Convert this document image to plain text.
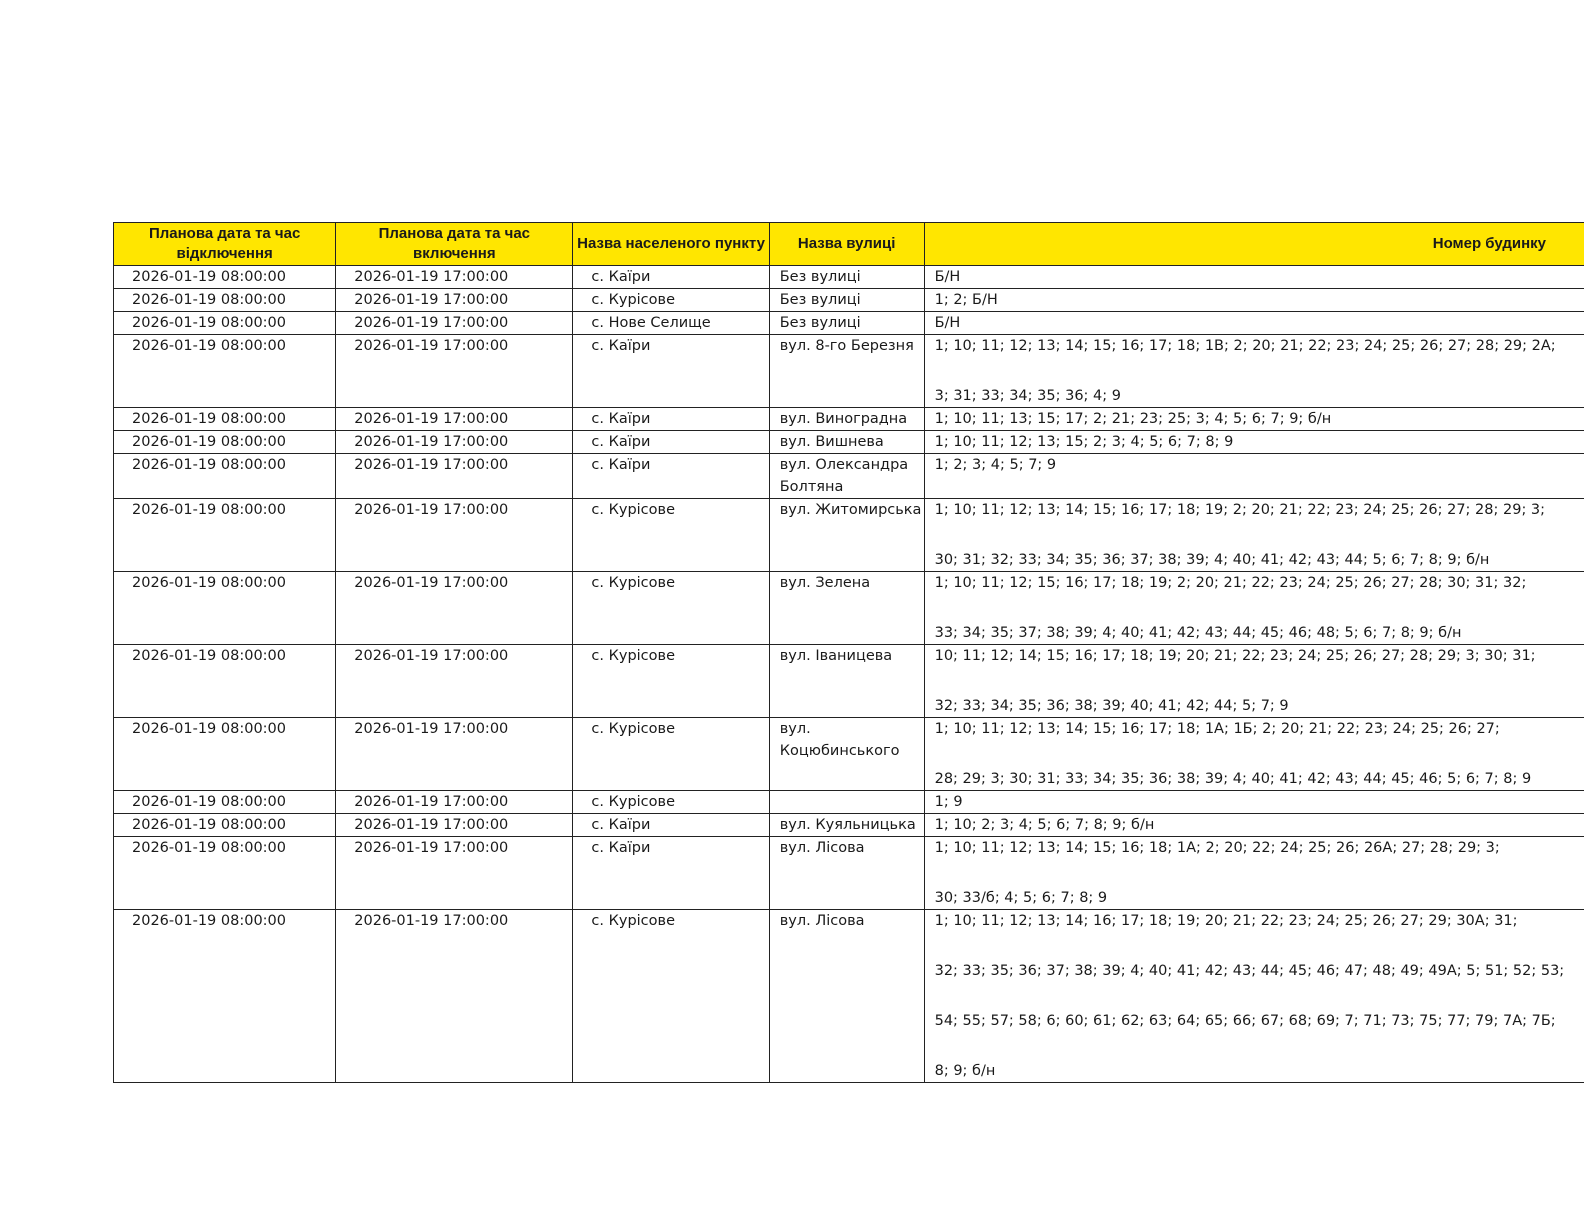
Планова дата та час відключення	Планова дата та час включення	Назва населеного пункту	Назва вулиці	Номер будинку
2026-01-19 08:00:00	2026-01-19 17:00:00	с. Каїри	Без вулиці	Б/Н

2026-01-19 08:00:00	2026-01-19 17:00:00	с. Курісове	Без вулиці	1; 2; Б/Н

2026-01-19 08:00:00	2026-01-19 17:00:00	с. Нове Селище	Без вулиці	Б/Н

2026-01-19 08:00:00	2026-01-19 17:00:00	с. Каїри	вул. 8-го Березня	1; 10; 11; 12; 13; 14; 15; 16; 17; 18; 1В; 2; 20; 21; 22; 23; 24; 25; 26; 27; 28; 29; 2А;
3; 31; 33; 34; 35; 36; 4; 9

2026-01-19 08:00:00	2026-01-19 17:00:00	с. Каїри	вул. Виноградна	1; 10; 11; 13; 15; 17; 2; 21; 23; 25; 3; 4; 5; 6; 7; 9; б/н

2026-01-19 08:00:00	2026-01-19 17:00:00	с. Каїри	вул. Вишнева	1; 10; 11; 12; 13; 15; 2; 3; 4; 5; 6; 7; 8; 9

2026-01-19 08:00:00	2026-01-19 17:00:00	с. Каїри	вул. Олександра Болтяна	1; 2; 3; 4; 5; 7; 9

2026-01-19 08:00:00	2026-01-19 17:00:00	с. Курісове	вул. Житомирська	1; 10; 11; 12; 13; 14; 15; 16; 17; 18; 19; 2; 20; 21; 22; 23; 24; 25; 26; 27; 28; 29; 3;
30; 31; 32; 33; 34; 35; 36; 37; 38; 39; 4; 40; 41; 42; 43; 44; 5; 6; 7; 8; 9; б/н

2026-01-19 08:00:00	2026-01-19 17:00:00	с. Курісове	вул. Зелена	1; 10; 11; 12; 15; 16; 17; 18; 19; 2; 20; 21; 22; 23; 24; 25; 26; 27; 28; 30; 31; 32;
33; 34; 35; 37; 38; 39; 4; 40; 41; 42; 43; 44; 45; 46; 48; 5; 6; 7; 8; 9; б/н

2026-01-19 08:00:00	2026-01-19 17:00:00	с. Курісове	вул. Іваницева	10; 11; 12; 14; 15; 16; 17; 18; 19; 20; 21; 22; 23; 24; 25; 26; 27; 28; 29; 3; 30; 31;
32; 33; 34; 35; 36; 38; 39; 40; 41; 42; 44; 5; 7; 9

2026-01-19 08:00:00	2026-01-19 17:00:00	с. Курісове	вул. Коцюбинського	1; 10; 11; 12; 13; 14; 15; 16; 17; 18; 1А; 1Б; 2; 20; 21; 22; 23; 24; 25; 26; 27;
28; 29; 3; 30; 31; 33; 34; 35; 36; 38; 39; 4; 40; 41; 42; 43; 44; 45; 46; 5; 6; 7; 8; 9

2026-01-19 08:00:00	2026-01-19 17:00:00	с. Курісове		1; 9

2026-01-19 08:00:00	2026-01-19 17:00:00	с. Каїри	вул. Куяльницька	1; 10; 2; 3; 4; 5; 6; 7; 8; 9; б/н

2026-01-19 08:00:00	2026-01-19 17:00:00	с. Каїри	вул. Лісова	1; 10; 11; 12; 13; 14; 15; 16; 18; 1А; 2; 20; 22; 24; 25; 26; 26А; 27; 28; 29; 3;
30; 33/б; 4; 5; 6; 7; 8; 9

2026-01-19 08:00:00	2026-01-19 17:00:00	с. Курісове	вул. Лісова	1; 10; 11; 12; 13; 14; 16; 17; 18; 19; 20; 21; 22; 23; 24; 25; 26; 27; 29; 30А; 31;
32; 33; 35; 36; 37; 38; 39; 4; 40; 41; 42; 43; 44; 45; 46; 47; 48; 49; 49А; 5; 51; 52; 53;
54; 55; 57; 58; 6; 60; 61; 62; 63; 64; 65; 66; 67; 68; 69; 7; 71; 73; 75; 77; 79; 7А; 7Б;
8; 9; б/н
